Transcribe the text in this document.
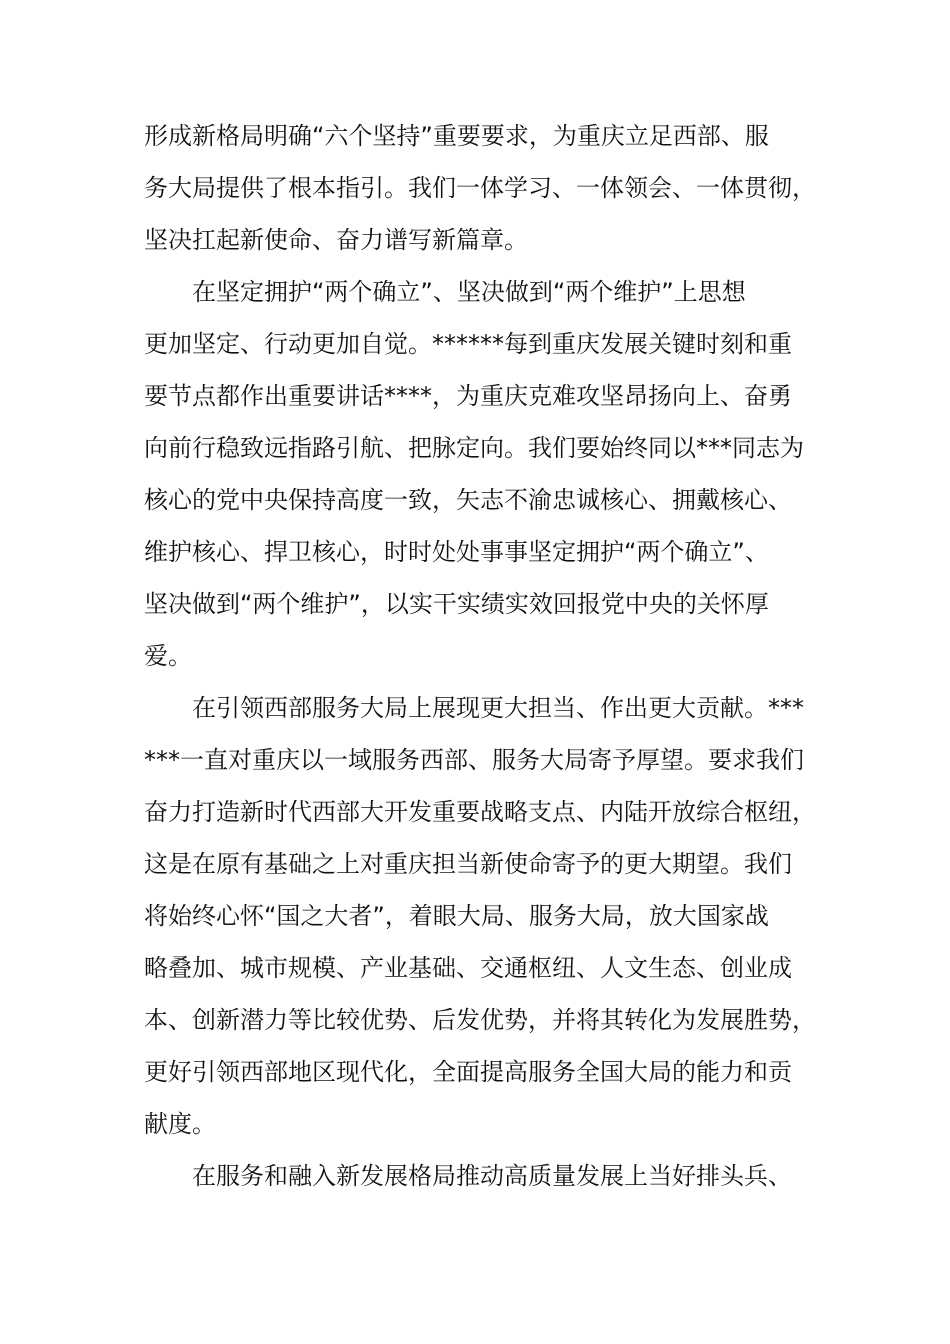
形成新格局明确“六个坚持”重要要求，为重庆立足西部、服
务大局提供了根本指引。我们一体学习、一体领会、一体贯彻，
坚决扛起新使命、奋力谱写新篇章。
在坚定拥护“两个确立”、坚决做到“两个维护”上思想
更加坚定、行动更加自觉。******每到重庆发展关键时刻和重
要节点都作出重要讲话****，为重庆克难攻坚昂扬向上、奋勇
向前行稳致远指路引航、把脉定向。我们要始终同以***同志为
核心的党中央保持高度一致，矢志不渝忠诚核心、拥戴核心、
维护核心、捍卫核心，时时处处事事坚定拥护“两个确立”、
坚决做到“两个维护”，以实干实绩实效回报党中央的关怀厚
爱。
在引领西部服务大局上展现更大担当、作出更大贡献。***
***一直对重庆以一域服务西部、服务大局寄予厚望。要求我们
奋力打造新时代西部大开发重要战略支点、内陆开放综合枢纽，
这是在原有基础之上对重庆担当新使命寄予的更大期望。我们
将始终心怀“国之大者”，着眼大局、服务大局，放大国家战
略叠加、城市规模、产业基础、交通枢纽、人文生态、创业成
本、创新潜力等比较优势、后发优势，并将其转化为发展胜势，
更好引领西部地区现代化，全面提高服务全国大局的能力和贡
献度。
在服务和融入新发展格局推动高质量发展上当好排头兵、
